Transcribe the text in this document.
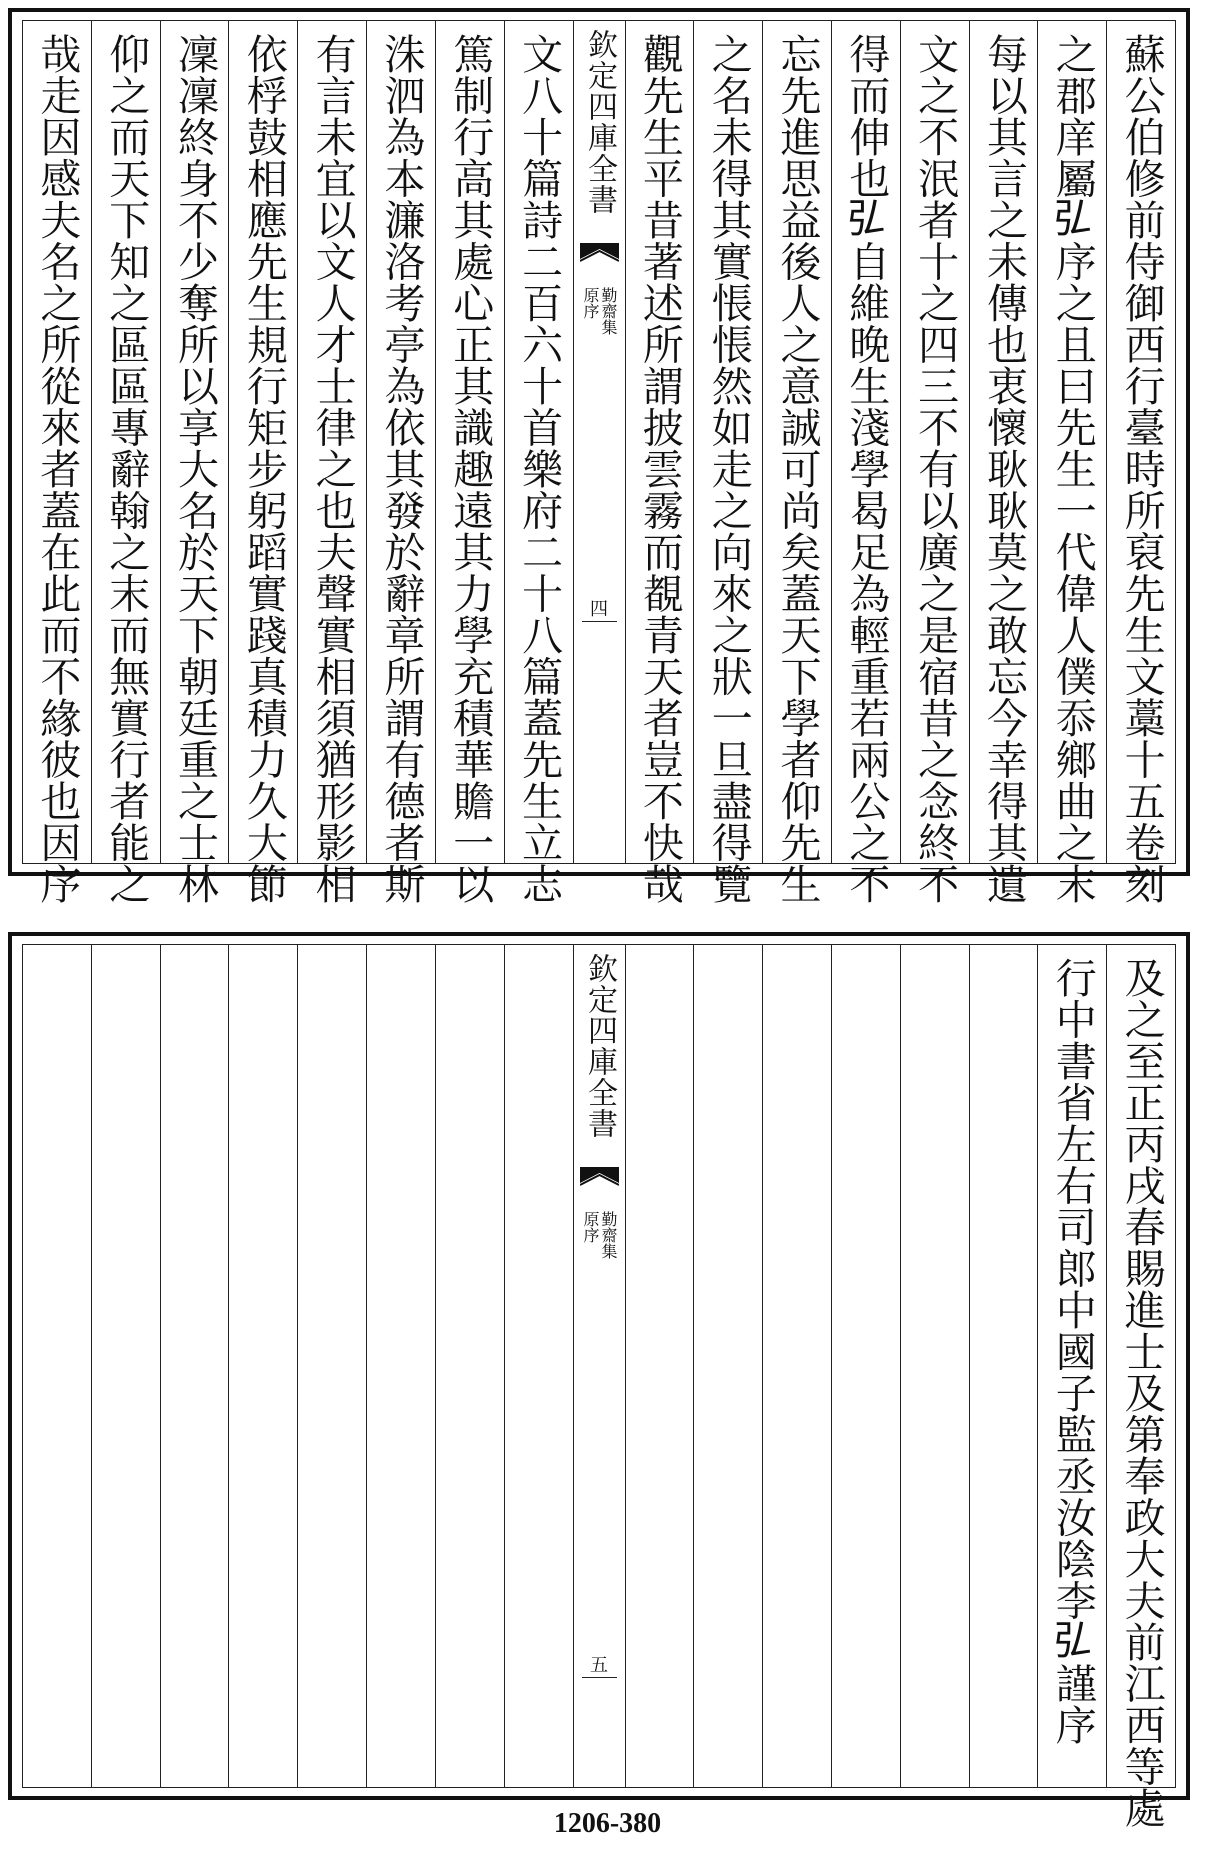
蘇公伯修前侍御西行臺時所裒先生文藁十五卷刻
之郡庠屬𢎞序之且曰先生一代偉人僕忝鄉曲之末
每以其言之未傳也衷懷耿耿莫之敢忘今幸得其遺
文之不泯者十之四三不有以廣之是宿昔之念終不
得而伸也𢎞自維晚生淺學曷足為輕重若兩公之不
忘先進思益後人之意誠可尚矣蓋天下學者仰先生
之名未得其實悵悵然如走之向來之狀一旦盡得覽
觀先生平昔著述所謂披雲霧而覩青天者豈不快哉
欽定四庫全書
勤齋集
原序
四
文八十篇詩二百六十首樂府二十八篇蓋先生立志
篤制行高其處心正其識趣遠其力學充積華贍一以
洙泗為本濂洛考亭為依其發於辭章所謂有德者斯
有言未宜以文人才士律之也夫聲實相須猶形影相
依桴鼓相應先生規行矩步躬蹈實踐真積力久大節
凜凜終身不少奪所以享大名於天下朝廷重之士林
仰之而天下知之區區專辭翰之末而無實行者能之
哉走因感夫名之所從來者蓋在此而不緣彼也因序
及之至正丙戌春賜進士及第奉政大夫前江西等處
行中書省左右司郎中國子監丞汝陰李𢎞謹序
欽定四庫全書
勤齋集
原序
五
1206-380
